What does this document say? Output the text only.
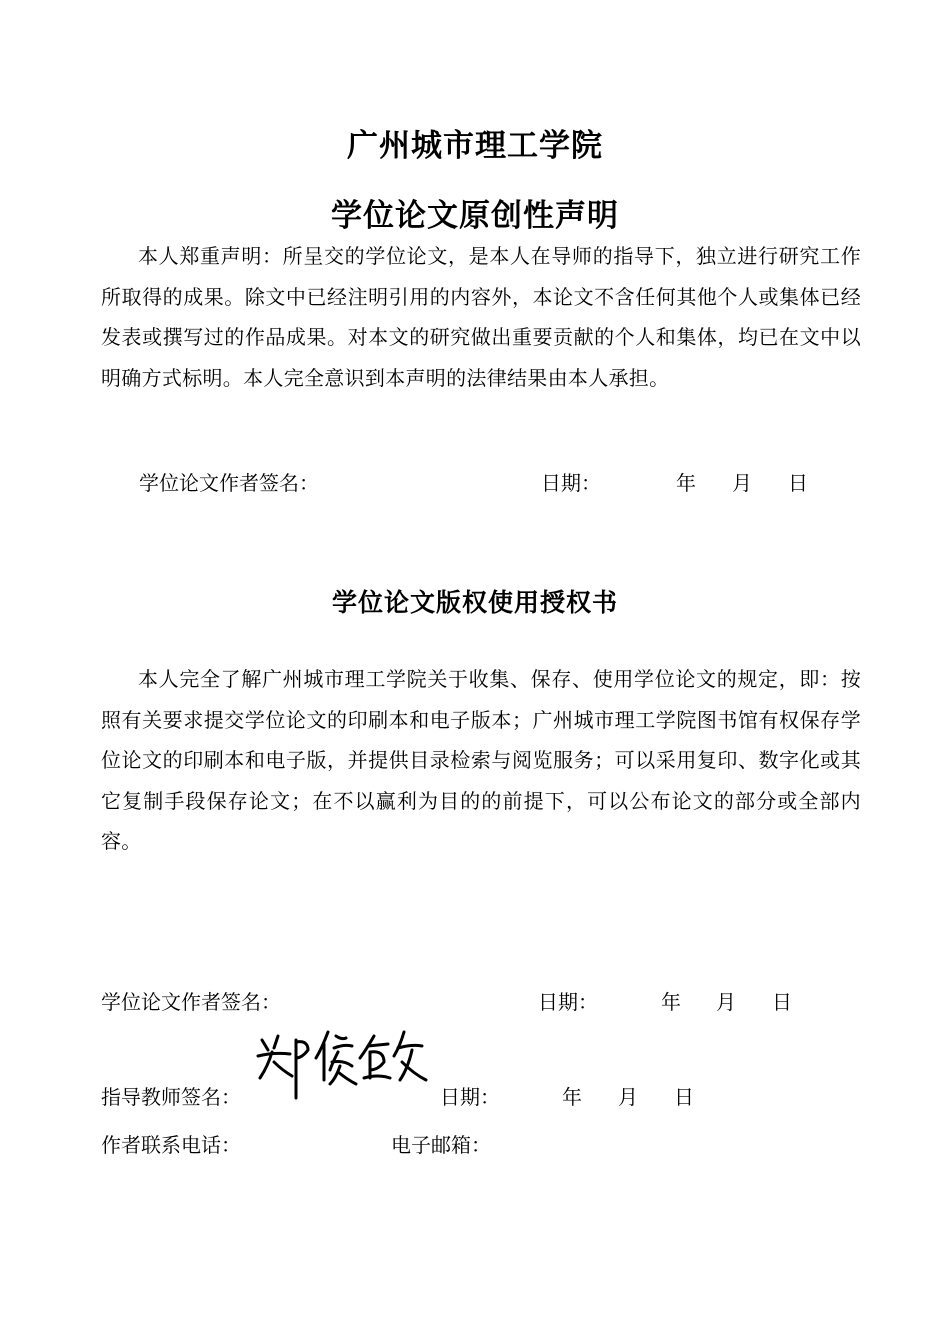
广州城市理工学院
学位论文原创性声明
本人郑重声明：所呈交的学位论文，是本人在导师的指导下，独立进行研究工作所取得的成果。除文中已经注明引用的内容外，本论文不含任何其他个人或集体已经发表或撰写过的作品成果。对本文的研究做出重要贡献的个人和集体，均已在文中以明确方式标明。本人完全意识到本声明的法律结果由本人承担。
学位论文作者签名：	日期：	年 月 日
学位论文版权使用授权书
本人完全了解广州城市理工学院关于收集、保存、使用学位论文的规定，即：按照有关要求提交学位论文的印刷本和电子版本；广州城市理工学院图书馆有权保存学位论文的印刷本和电子版，并提供目录检索与阅览服务；可以采用复印、数字化或其它复制手段保存论文；在不以赢利为目的的前提下，可以公布论文的部分或全部内容。
学位论文作者签名：	日期：	年 月 日
指导教师签名：	日期：	年 月 日
作者联系电话：	电子邮箱：
